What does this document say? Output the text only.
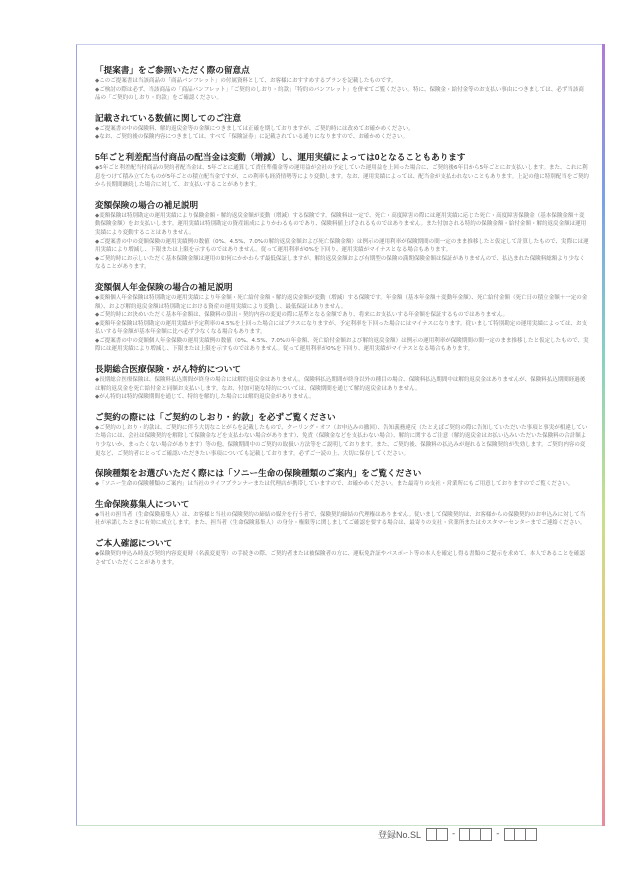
「提案書」をご参照いただく際の留意点

◆このご提案書は当該商品の「商品パンフレット」の付属資料として、お客様におすすめするプランを記載したものです。

◆ご検討の際は必ず、当該商品の「商品パンフレット」「ご契約のしおり・約款」「特約のパンフレット」を併せてご覧ください。特に、保険金・給付金等のお支払い事由につきましては、必ず当該商品の「ご契約のしおり・約款」をご確認ください。

記載されている数値に関してのご注意

◆ご提案書の中の保険料、解約返戻金等の金額につきましては正確を期しておりますが、ご契約時には改めてお確かめください。

◆なお、ご契約後の保険内容につきましては、すべて「保険証券」に記載されている通りになりますので、お確かめください。

5年ごと利差配当付商品の配当金は変動（増減）し、運用実績によっては0となることもあります

◆5年ごと利差配当付商品の契約者配当金は、5年ごとに通算して責任準備金等の運用益が会社の予定していた運用益を上回った場合に、ご契約後6年目から5年ごとにお支払いします。また、これに利息をつけて積み立てたものが5年ごとの積立配当金ですが、この利率も経済情勢等により変動します。なお、運用実績によっては、配当金が支払われないこともあります。上記の他に特別配当をご契約から長期間継続した場合に対して、お支払いすることがあります。

変額保険の場合の補足説明

◆変額保険は特別勘定の運用実績により保険金額・解約返戻金額が変動（増減）する保険です。保険料は一定で、死亡・高度障害の際には運用実績に応じた死亡・高度障害保険金（基本保険金額＋変動保険金額）をお支払いします。運用実績は特別勘定の資産組成によりかわるものであり、保険料値上げされるものではありません。また付加される特約の保険金額・給付金額・解約返戻金額は運用実績により変動することはありません。

◆ご提案書の中の変額保険の運用実績例の数値（0%、4.5%、7.0%の解約返戻金額および死亡保険金額）は例示の運用利率が保険期間の間一定のまま推移したと仮定して計算したもので、実際には運用実績により増減し、下限または上限を示すものではありません。従って運用利率が0%を下回り、運用実績がマイナスとなる場合もあります。

◆ご契約時にお示しいただく基本保険金額は運用の如何にかかわらず最低保証しますが、解約返戻金額および有期型の保険の満期保険金額は保証がありませんので、払込まれた保険料総額より少なくなることがあります。

変額個人年金保険の場合の補足説明

◆変額個人年金保険は特別勘定の運用実績により年金額・死亡給付金額・解約返戻金額が変動（増減）する保険です。年金額（基本年金額＋変動年金額）、死亡給付金額（死亡日の積立金額＋一定の金額）、および解約返戻金額は特別勘定における資産の運用実績により変動し、最低保証はありません。

◆ご契約時にお決めいただく基本年金額は、保険料の算出・契約内容の変更の際に基準となる金額であり、将来にお支払いする年金額を保証するものではありません。

◆変額年金保険は特別勘定の運用実績が予定利率の4.5%を上回った場合にはプラスになりますが、予定利率を下回った場合にはマイナスになります。従いまして特別勘定の運用実績によっては、お支払いする年金額が基本年金額に比べ必ず少なくなる場合もあります。

◆ご提案書の中の変額個人年金保険の運用実績例の数値（0%、4.5%、7.0%の年金額、死亡給付金額および解約返戻金額）は例示の運用利率が保険期間の間一定のまま推移したと仮定したもので、実際には運用実績により増減し、下限または上限を示すものではありません。従って運用利率が0%を下回り、運用実績がマイナスとなる場合もあります。

長期総合医療保険・がん特約について

◆長期総合医療保険は、保険料払込期間が終身の場合には解約返戻金はありません。保険料払込期間が終身以外の種目の場合、保険料払込期間中は解約返戻金はありませんが、保険料払込期間経過後は解約返戻金を死亡給付金と同額お支払いします。なお、付加可能な特約については、保険期間を通じて解約返戻金はありません。

◆がん特約は特約保険期間を通じて、特約を解約した場合には解約返戻金がありません。

ご契約の際には「ご契約のしおり・約款」を必ずご覧ください

◆ご契約のしおり・約款は、ご契約に伴う大切なことがらを記載したもので、クーリング・オフ（お申込みの撤回）、告知義務違反（たとえばご契約の際に告知していただいた事項と事実が相違していた場合には、会社は保険契約を解除して保険金などを支払わない場合があります）、免責（保険金などを支払わない場合）、解約に関するご注意（解約返戻金はお払い込みいただいた保険料の合計額より少ないか、まったくない場合があります）等の他、保険期間中のご契約の取扱い方法等をご説明しております。また、ご契約後、保険料の払込みが遅れると保険契約が失効します。ご契約内容の変更など、ご契約者にとってご確認いただきたい事項についても記載しております。必ずご一読の上、大切に保存してください。

保険種類をお選びいただく際には「ソニー生命の保険種類のご案内」をご覧ください

◆「ソニー生命の保険種類のご案内」は当社のライフプランナーまたは代理店が携帯していますので、お確かめください。また最寄りの支社・営業所にもご用意しておりますのでご覧ください。

生命保険募集人について

◆当社の担当者（生命保険募集人）は、お客様と当社の保険契約の締結の媒介を行う者で、保険契約締結の代理権はありません。従いまして保険契約は、お客様からの保険契約のお申込みに対して当社が承諾したときに有効に成立します。また、担当者（生命保険募集人）の身分・権限等に関しましてご確認を要する場合は、最寄りの支社・営業所またはカスタマーセンターまでご連絡ください。

ご本人確認について

◆保険契約申込み時及び契約内容変更時（名義変更等）の手続きの際、ご契約者または被保険者の方に、運転免許証やパスポート等の本人を確定し得る書類のご提示を求めて、本人であることを確認させていただくことがあります。

登録No.SL	-	-
